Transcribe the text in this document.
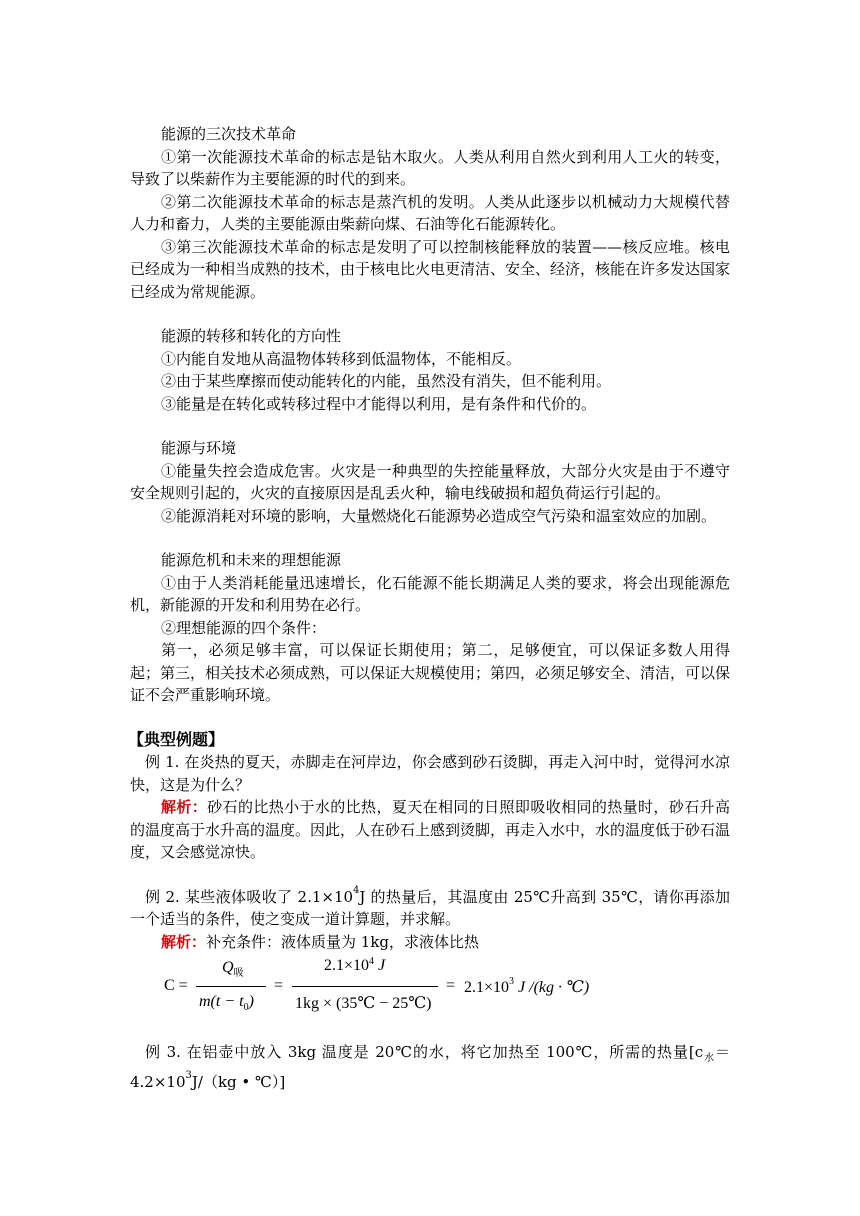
能源的三次技术革命

①第一次能源技术革命的标志是钻木取火。人类从利用自然火到利用人工火的转变，导致了以柴薪作为主要能源的时代的到来。

②第二次能源技术革命的标志是蒸汽机的发明。人类从此逐步以机械动力大规模代替人力和畜力，人类的主要能源由柴薪向煤、石油等化石能源转化。

③第三次能源技术革命的标志是发明了可以控制核能释放的装置——核反应堆。核电已经成为一种相当成熟的技术，由于核电比火电更清洁、安全、经济，核能在许多发达国家已经成为常规能源。

能源的转移和转化的方向性

①内能自发地从高温物体转移到低温物体，不能相反。

②由于某些摩擦而使动能转化的内能，虽然没有消失，但不能利用。

③能量是在转化或转移过程中才能得以利用，是有条件和代价的。

能源与环境

①能量失控会造成危害。火灾是一种典型的失控能量释放，大部分火灾是由于不遵守安全规则引起的，火灾的直接原因是乱丢火种，输电线破损和超负荷运行引起的。

②能源消耗对环境的影响，大量燃烧化石能源势必造成空气污染和温室效应的加剧。

能源危机和未来的理想能源

①由于人类消耗能量迅速增长，化石能源不能长期满足人类的要求，将会出现能源危机，新能源的开发和利用势在必行。

②理想能源的四个条件：

第一，必须足够丰富，可以保证长期使用；第二，足够便宜，可以保证多数人用得起；第三，相关技术必须成熟，可以保证大规模使用；第四，必须足够安全、清洁，可以保证不会严重影响环境。

【典型例题】

例 1. 在炎热的夏天，赤脚走在河岸边，你会感到砂石烫脚，再走入河中时，觉得河水凉快，这是为什么？

解析：砂石的比热小于水的比热，夏天在相同的日照即吸收相同的热量时，砂石升高的温度高于水升高的温度。因此，人在砂石上感到烫脚，再走入水中，水的温度低于砂石温度，又会感觉凉快。

例 2. 某些液体吸收了 $2.1\times 10^4J$ 的热量后，其温度由 25℃升高到 35℃，请你再添加一个适当的条件，使之变成一道计算题，并求解。

解析：补充条件：液体质量为 1kg，求液体比热

C =
$Q_吸$
$m(t - t_0)$
=
$2.1\times 10^4$ J
1kg × (35℃ − 25℃)
= $2.1\times 10^3$ J /(kg · ℃)

例 3. 在铝壶中放入 3kg 温度是 20℃的水，将它加热至 100℃，所需的热量[$c_水=4.2\times 10^3J/(kg$ • ℃）]
